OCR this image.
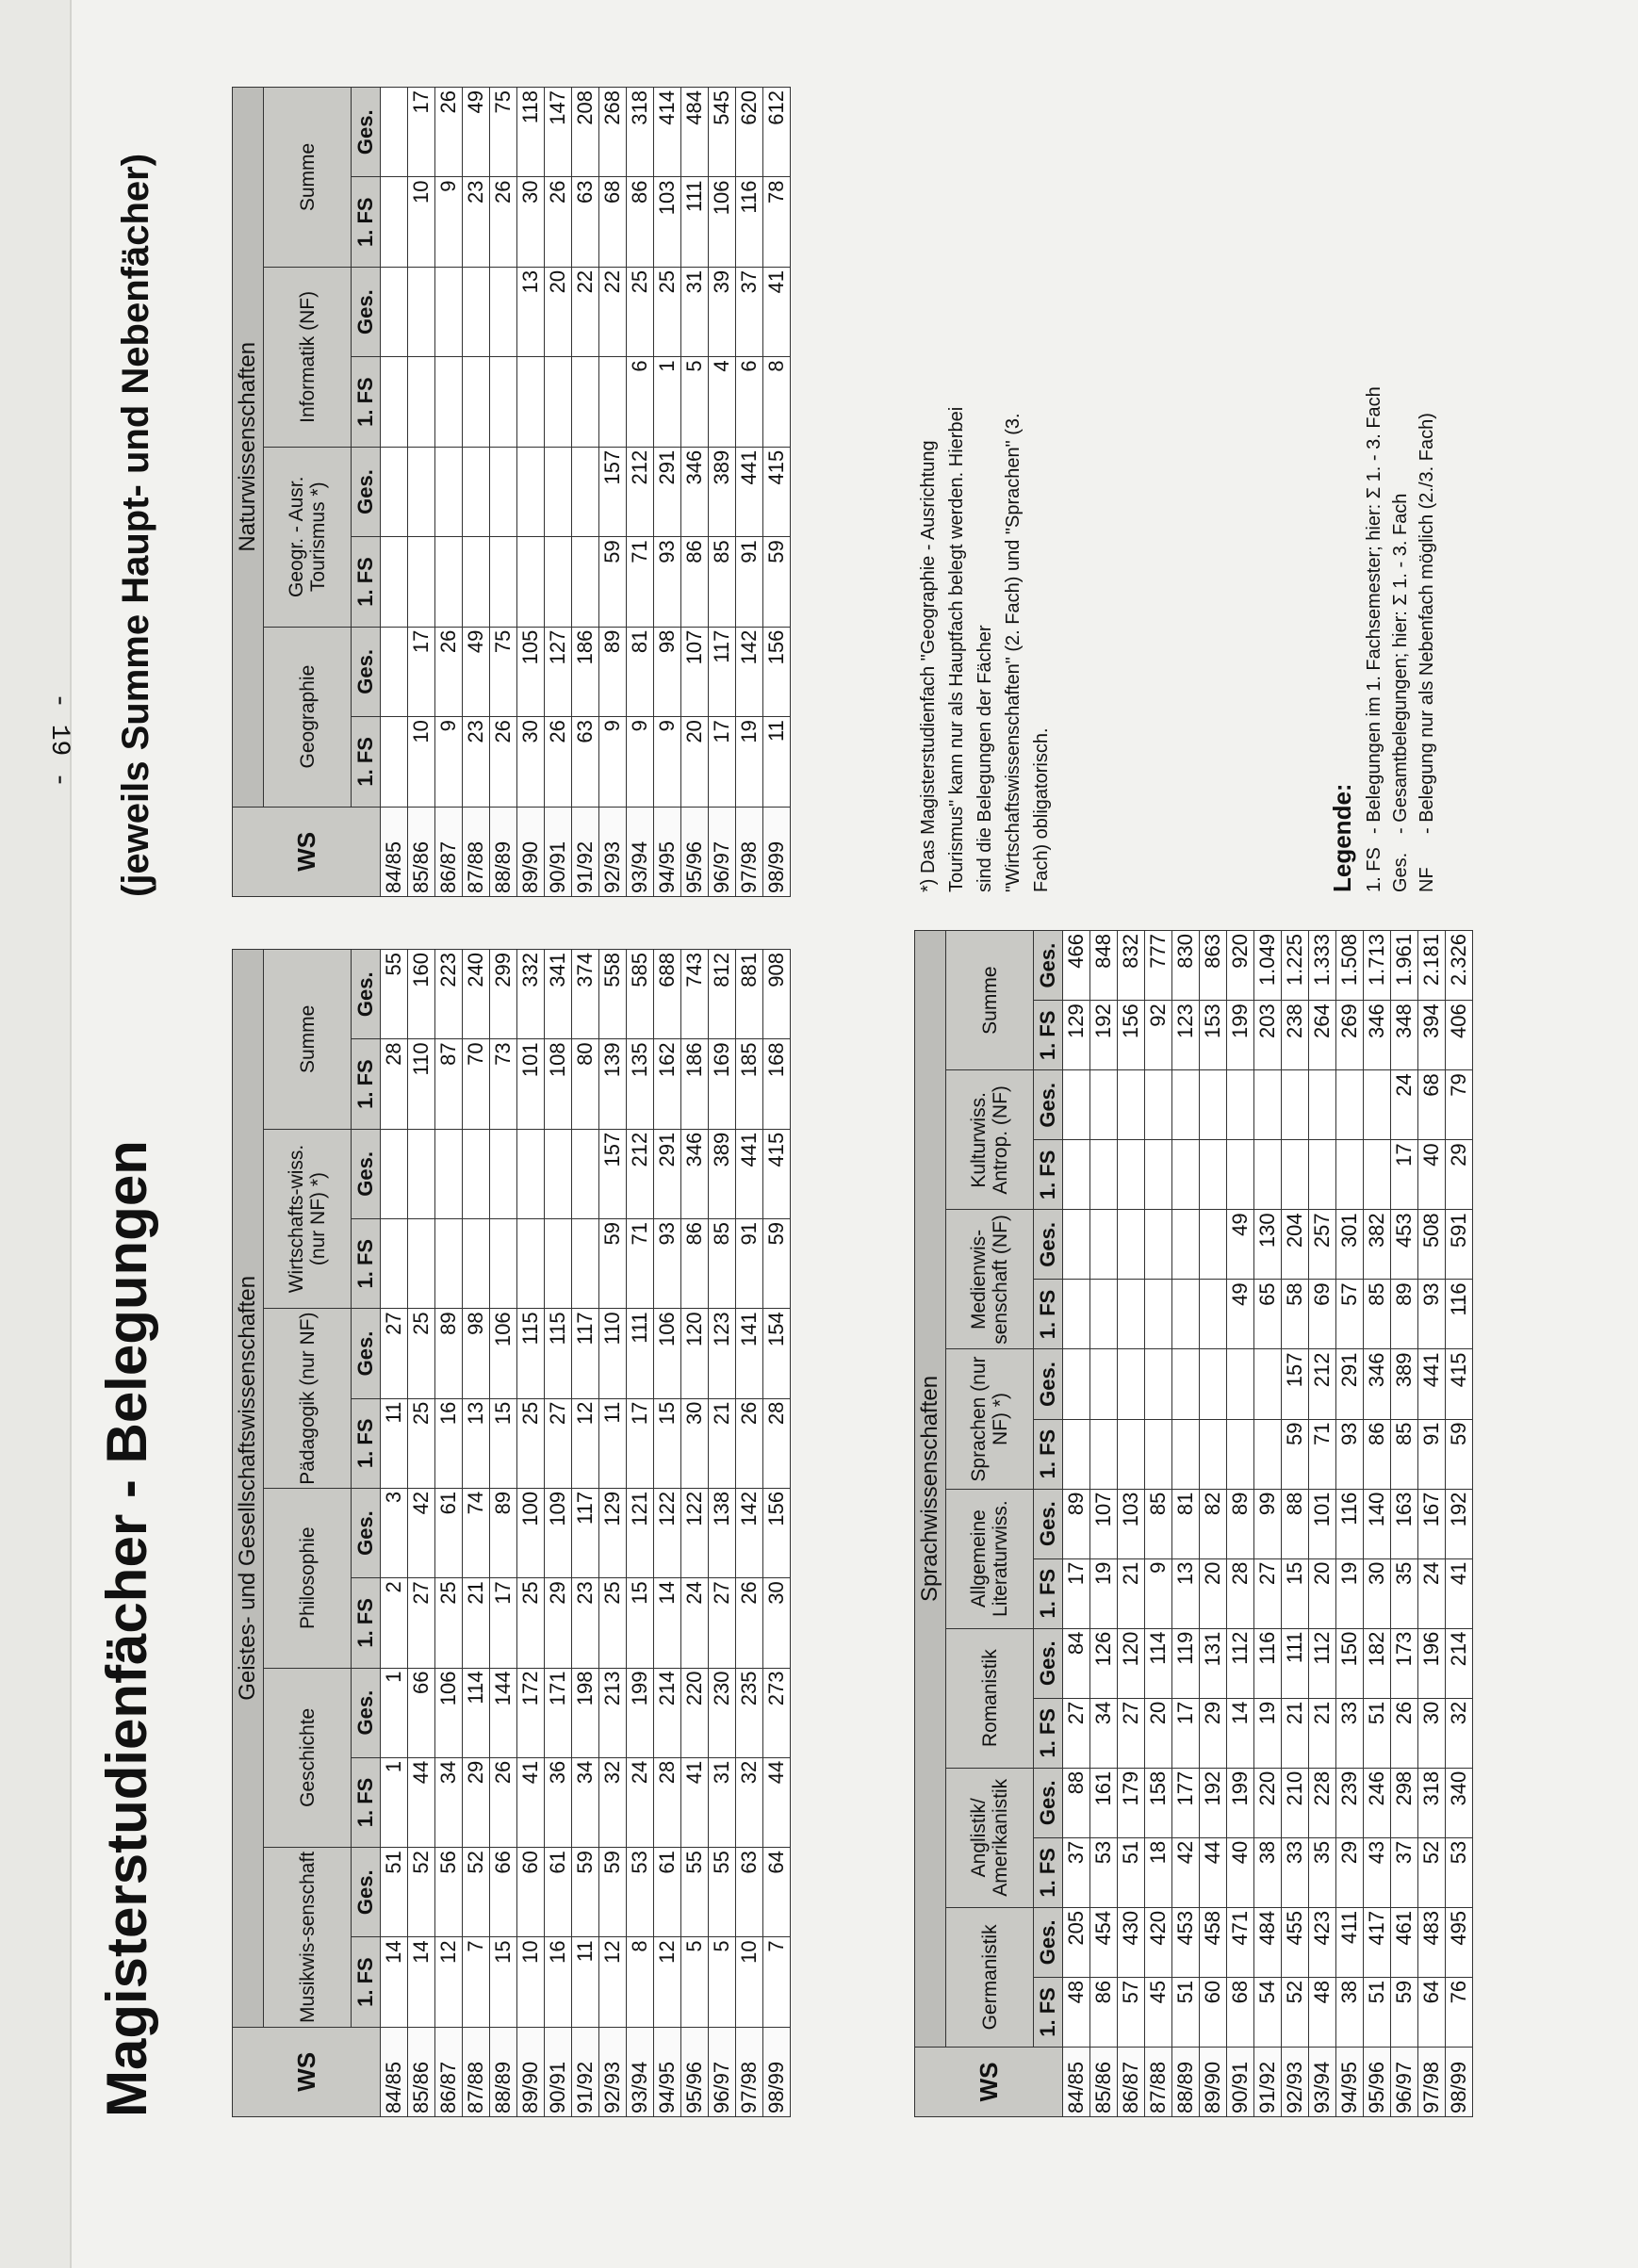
- 19 -
Magisterstudienfächer - Belegungen
(jeweils Summe Haupt- und Nebenfächer)
WS	Geistes- und Gesellschaftswissenschaften											
	Musikwis-senschaft		Geschichte		Philosophie		Pädagogik (nur NF)		Wirtschafts-wiss. (nur NF) *)		Summe	
	1. FS	Ges.	1. FS	Ges.	1. FS	Ges.	1. FS	Ges.	1. FS	Ges.	1. FS	Ges.
84/85	14	51	1	1	2	3	11	27			28	55
85/86	14	52	44	66	27	42	25	25			110	160
86/87	12	56	34	106	25	61	16	89			87	223
87/88	7	52	29	114	21	74	13	98			70	240
88/89	15	66	26	144	17	89	15	106			73	299
89/90	10	60	41	172	25	100	25	115			101	332
90/91	16	61	36	171	29	109	27	115			108	341
91/92	11	59	34	198	23	117	12	117			80	374
92/93	12	59	32	213	25	129	11	110	59	157	139	558
93/94	8	53	24	199	15	121	17	111	71	212	135	585
94/95	12	61	28	214	14	122	15	106	93	291	162	688
95/96	5	55	41	220	24	122	30	120	86	346	186	743
96/97	5	55	31	230	27	138	21	123	85	389	169	812
97/98	10	63	32	235	26	142	26	141	91	441	185	881
98/99	7	64	44	273	30	156	28	154	59	415	168	908
WS	Naturwissenschaften							
	Geographie		Geogr. - Ausr. Tourismus *)		Informatik (NF)		Summe	
	1. FS	Ges.	1. FS	Ges.	1. FS	Ges.	1. FS	Ges.
84/85								
85/86	10	17					10	17
86/87	9	26					9	26
87/88	23	49					23	49
88/89	26	75					26	75
89/90	30	105				13	30	118
90/91	26	127				20	26	147
91/92	63	186				22	63	208
92/93	9	89	59	157		22	68	268
93/94	9	81	71	212	6	25	86	318
94/95	9	98	93	291	1	25	103	414
95/96	20	107	86	346	5	31	111	484
96/97	17	117	85	389	4	39	106	545
97/98	19	142	91	441	6	37	116	620
98/99	11	156	59	415	8	41	78	612
WS	Sprachwissenschaften															
	Germanistik		Anglistik/ Amerikanistik		Romanistik		Allgemeine Literaturwiss.		Sprachen (nur NF) *)		Medienwis-senschaft (NF)		Kulturwiss. Antrop. (NF)		Summe	
	1. FS	Ges.	1. FS	Ges.	1. FS	Ges.	1. FS	Ges.	1. FS	Ges.	1. FS	Ges.	1. FS	Ges.	1. FS	Ges.
84/85	48	205	37	88	27	84	17	89							129	466
85/86	86	454	53	161	34	126	19	107							192	848
86/87	57	430	51	179	27	120	21	103							156	832
87/88	45	420	18	158	20	114	9	85							92	777
88/89	51	453	42	177	17	119	13	81							123	830
89/90	60	458	44	192	29	131	20	82							153	863
90/91	68	471	40	199	14	112	28	89			49	49			199	920
91/92	54	484	38	220	19	116	27	99			65	130			203	1.049
92/93	52	455	33	210	21	111	15	88	59	157	58	204			238	1.225
93/94	48	423	35	228	21	112	20	101	71	212	69	257			264	1.333
94/95	38	411	29	239	33	150	19	116	93	291	57	301			269	1.508
95/96	51	417	43	246	51	182	30	140	86	346	85	382			346	1.713
96/97	59	461	37	298	26	173	35	163	85	389	89	453	17	24	348	1.961
97/98	64	483	52	318	30	196	24	167	91	441	93	508	40	68	394	2.181
98/99	76	495	53	340	32	214	41	192	59	415	116	591	29	79	406	2.326
*) Das Magisterstudienfach "Geographie - Ausrichtung Tourismus" kann nur als Hauptfach belegt werden. Hierbei sind die Belegungen der Fächer "Wirtschaftswissenschaften" (2. Fach) und "Sprachen" (3. Fach) obligatorisch.	Legende: 1. FS
- Belegungen im 1. Fachsemester; hier: Σ 1. - 3. Fach
Ges.
- Gesamtbelegungen; hier: Σ 1. - 3. Fach
NF
- Belegung nur als Nebenfach möglich (2./3. Fach)
